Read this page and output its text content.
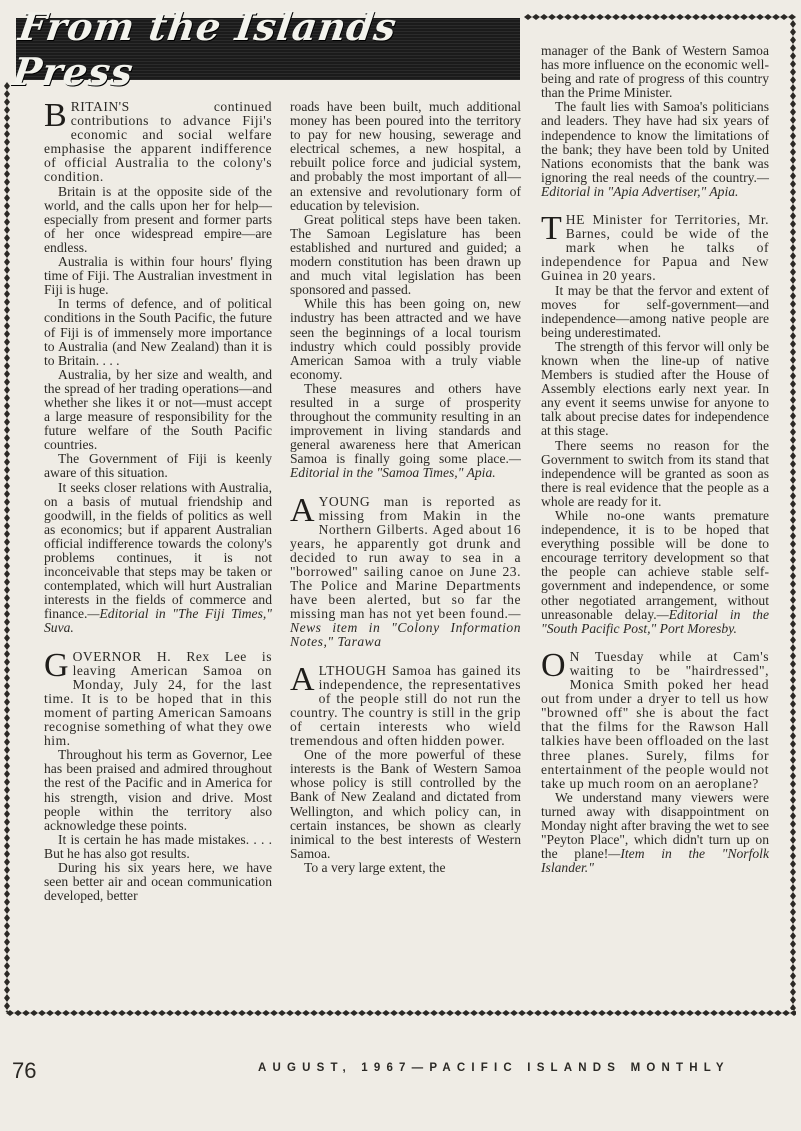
From the Islands Press
B RITAIN'S continued contributions to advance Fiji's economic and social welfare emphasise the apparent indifference of official Australia to the colony's condition.

Britain is at the opposite side of the world, and the calls upon her for help—especially from present and former parts of her once widespread empire—are endless.

Australia is within four hours' flying time of Fiji. The Australian investment in Fiji is huge.

In terms of defence, and of political conditions in the South Pacific, the future of Fiji is of immensely more importance to Australia (and New Zealand) than it is to Britain. . . .

Australia, by her size and wealth, and the spread of her trading operations—and whether she likes it or not—must accept a large measure of responsibility for the future welfare of the South Pacific countries.

The Government of Fiji is keenly aware of this situation.

It seeks closer relations with Australia, on a basis of mutual friendship and goodwill, in the fields of politics as well as economics; but if apparent Australian official indifference towards the colony's problems continues, it is not inconceivable that steps may be taken or contemplated, which will hurt Australian interests in the fields of commerce and finance.—Editorial in "The Fiji Times," Suva.

G OVERNOR H. Rex Lee is leaving American Samoa on Monday, July 24, for the last time. It is to be hoped that in this moment of parting American Samoans recognise something of what they owe him.

Throughout his term as Governor, Lee has been praised and admired throughout the rest of the Pacific and in America for his strength, vision and drive. Most people within the territory also acknowledge these points.

It is certain he has made mistakes. . . . But he has also got results.

During his six years here, we have seen better air and ocean communication developed, better

roads have been built, much additional money has been poured into the territory to pay for new housing, sewerage and electrical schemes, a new hospital, a rebuilt police force and judicial system, and probably the most important of all—an extensive and revolutionary form of education by television.

Great political steps have been taken. The Samoan Legislature has been established and nurtured and guided; a modern constitution has been drawn up and much vital legislation has been sponsored and passed.

While this has been going on, new industry has been attracted and we have seen the beginnings of a local tourism industry which could possibly provide American Samoa with a truly viable economy.

These measures and others have resulted in a surge of prosperity throughout the community resulting in an improvement in living standards and general awareness here that American Samoa is finally going some place.—Editorial in the "Samoa Times," Apia.

A YOUNG man is reported as missing from Makin in the Northern Gilberts. Aged about 16 years, he apparently got drunk and decided to run away to sea in a "borrowed" sailing canoe on June 23. The Police and Marine Departments have been alerted, but so far the missing man has not yet been found.—News item in "Colony Information Notes," Tarawa

A LTHOUGH Samoa has gained its independence, the representatives of the people still do not run the country. The country is still in the grip of certain interests who wield tremendous and often hidden power.

One of the more powerful of these interests is the Bank of Western Samoa whose policy is still controlled by the Bank of New Zealand and dictated from Wellington, and which policy can, in certain instances, be shown as clearly inimical to the best interests of Western Samoa.

To a very large extent, the

manager of the Bank of Western Samoa has more influence on the economic well-being and rate of progress of this country than the Prime Minister.

The fault lies with Samoa's politicians and leaders. They have had six years of independence to know the limitations of the bank; they have been told by United Nations economists that the bank was ignoring the real needs of the country.—Editorial in "Apia Advertiser," Apia.

T HE Minister for Territories, Mr. Barnes, could be wide of the mark when he talks of independence for Papua and New Guinea in 20 years.

It may be that the fervor and extent of moves for self-government—and independence—among native people are being underestimated.

The strength of this fervor will only be known when the line-up of native Members is studied after the House of Assembly elections early next year. In any event it seems unwise for anyone to talk about precise dates for independence at this stage.

There seems no reason for the Government to switch from its stand that independence will be granted as soon as there is real evidence that the people as a whole are ready for it.

While no-one wants premature independence, it is to be hoped that everything possible will be done to encourage territory development so that the people can achieve stable self-government and independence, or some other negotiated arrangement, without unreasonable delay.—Editorial in the "South Pacific Post," Port Moresby.

O N Tuesday while at Cam's waiting to be "hairdressed", Monica Smith poked her head out from under a dryer to tell us how "browned off" she is about the fact that the films for the Rawson Hall talkies have been offloaded on the last three planes. Surely, films for entertainment of the people would not take up much room on an aeroplane?

We understand many viewers were turned away with disappointment on Monday night after braving the wet to see "Peyton Place", which didn't turn up on the plane!—Item in the "Norfolk Islander."

76	AUGUST, 1967—PACIFIC ISLANDS MONTHLY
